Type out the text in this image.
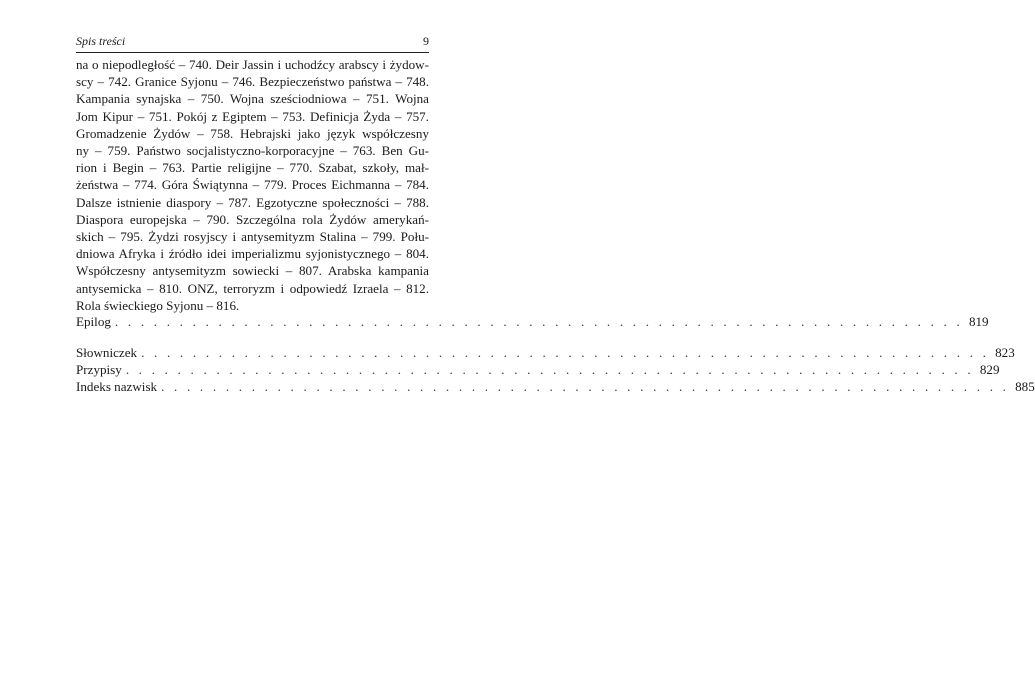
Spis treści	9
na o niepodległość – 740. Deir Jassin i uchodźcy arabscy i żydow-
scy – 742. Granice Syjonu – 746. Bezpieczeństwo państwa – 748.
Kampania synajska – 750. Wojna sześciodniowa – 751. Wojna
Jom Kipur – 751. Pokój z Egiptem – 753. Definicja Żyda – 757.
Gromadzenie Żydów – 758. Hebrajski jako język współczesny
ny – 759. Państwo socjalistyczno-korporacyjne – 763. Ben Gu-
rion i Begin – 763. Partie religijne – 770. Szabat, szkoły, mał-
żeństwa – 774. Góra Świątynna – 779. Proces Eichmanna – 784.
Dalsze istnienie diaspory – 787. Egzotyczne społeczności – 788.
Diaspora europejska – 790. Szczególna rola Żydów amerykań-
skich – 795. Żydzi rosyjscy i antysemityzm Stalina – 799. Połu-
dniowa Afryka i źródło idei imperializmu syjonistycznego – 804.
Współczesny antysemityzm sowiecki – 807. Arabska kampania
antysemicka – 810. ONZ, terroryzm i odpowiedź Izraela – 812.
Rola świeckiego Syjonu – 816.
Epilog . . . . . . . . . . . . . . . . . . . . . . . . . . . . . . . . . . . . . . . . . . . . . . . . . . . . . . . . . . . . . . . . . . 819
Słowniczek . . . . . . . . . . . . . . . . . . . . . . . . . . . . . . . . . . . . . . . . . . . . . . . . . . . . . . . . . . . . . . . . . . 823
Przypisy . . . . . . . . . . . . . . . . . . . . . . . . . . . . . . . . . . . . . . . . . . . . . . . . . . . . . . . . . . . . . . . . . . 829
Indeks nazwisk . . . . . . . . . . . . . . . . . . . . . . . . . . . . . . . . . . . . . . . . . . . . . . . . . . . . . . . . . . . . . . . . . . 885
